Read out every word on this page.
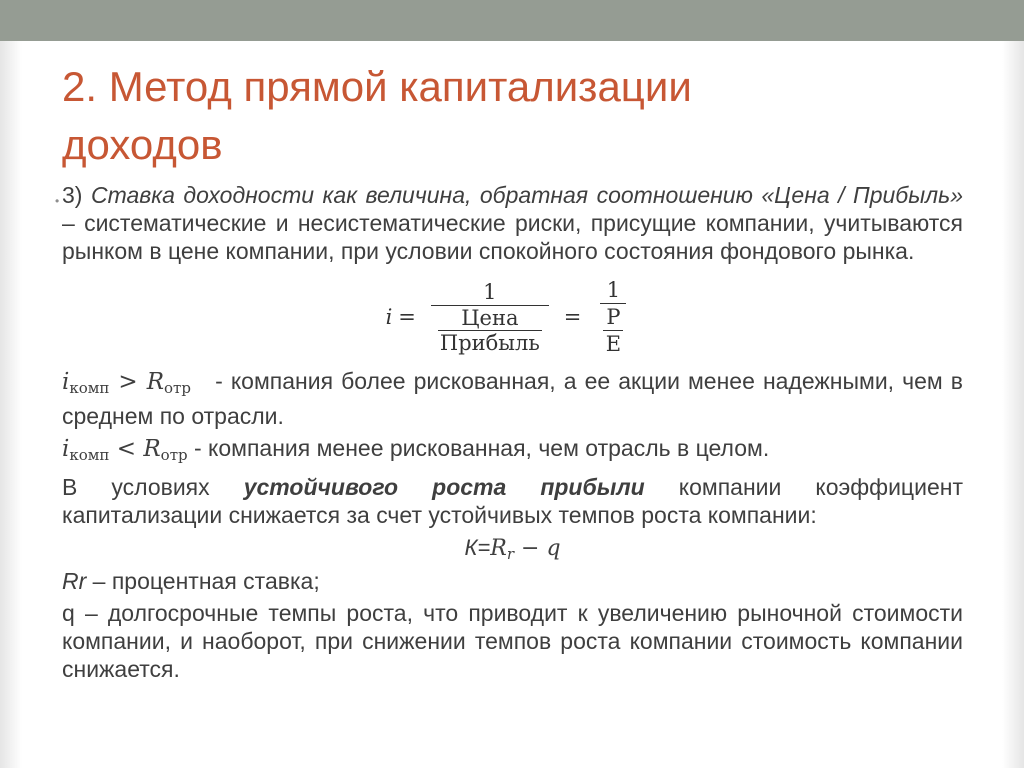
2. Метод прямой капитализации
доходов

• 3) Ставка доходности как величина, обратная соотношению «Цена / Прибыль» – систематические и несистематические риски, присущие компании, учитываются рынком в цене компании, при условии спокойного состояния фондового рынка.

$i = \frac{1}{\frac{\text{Цена}}{\text{Прибыль}}} = \frac{1}{\frac{P}{E}}$

$i_{комп} > R_{отр}$   - компания более рискованная, а ее акции менее надежными, чем в среднем по отрасли.

$i_{комп} < R_{отр}$ - компания менее рискованная, чем отрасль в целом.

В условиях устойчивого роста прибыли компании коэффициент капитализации снижается за счет устойчивых темпов роста компании:

К=Rr − q

Rr – процентная ставка;

q – долгосрочные темпы роста, что приводит к увеличению рыночной стоимости компании, и наоборот, при снижении темпов роста компании стоимость компании снижается.
